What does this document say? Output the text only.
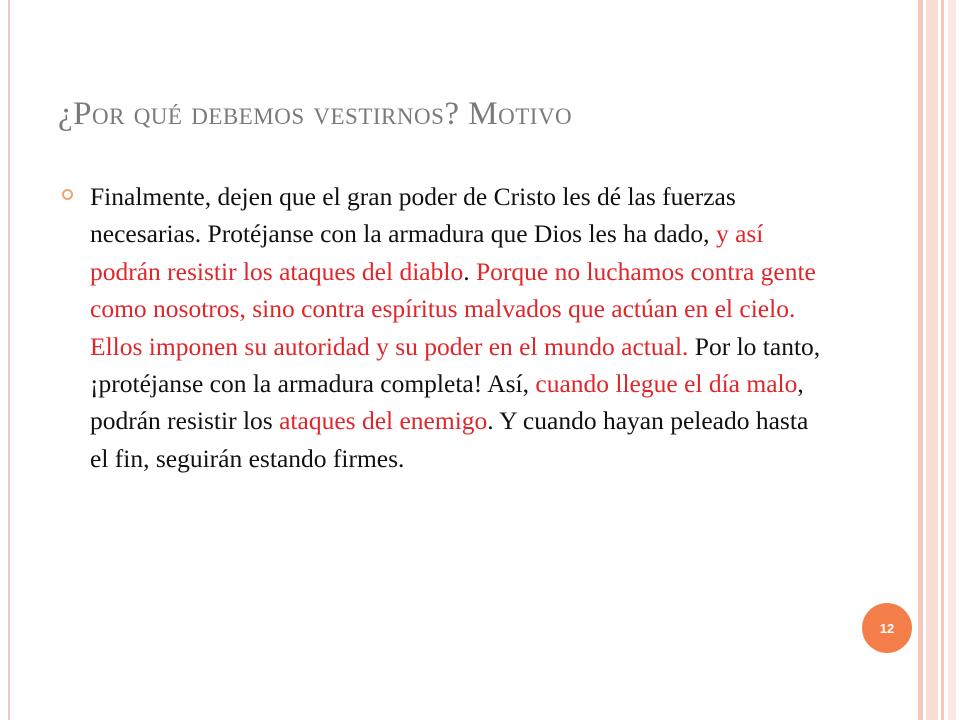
¿Por qué debemos vestirnos? Motivo

Finalmente, dejen que el gran poder de Cristo les dé las fuerzas necesarias. Protéjanse con la armadura que Dios les ha dado, y así podrán resistir los ataques del diablo. Porque no luchamos contra gente como nosotros, sino contra espíritus malvados que actúan en el cielo. Ellos imponen su autoridad y su poder en el mundo actual. Por lo tanto, ¡protéjanse con la armadura completa! Así, cuando llegue el día malo, podrán resistir los ataques del enemigo. Y cuando hayan peleado hasta el fin, seguirán estando firmes.

12
